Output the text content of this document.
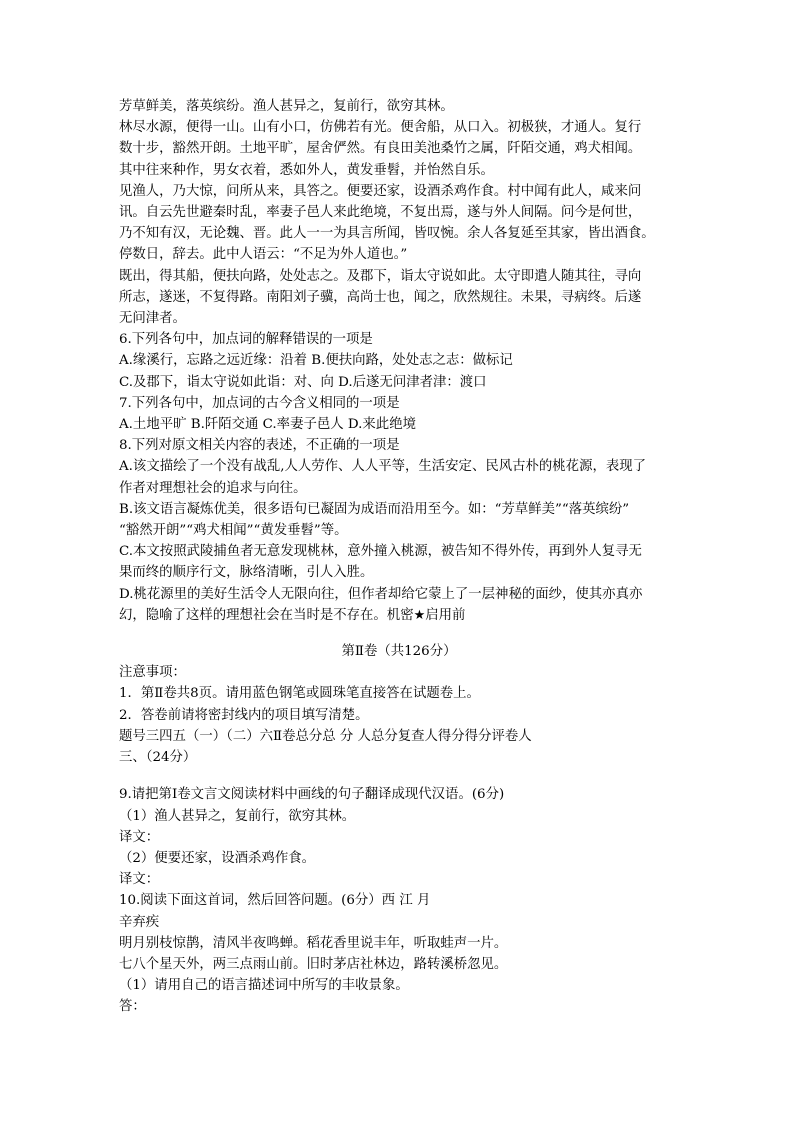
芳草鲜美，落英缤纷。渔人甚异之，复前行，欲穷其林。

林尽水源，便得一山。山有小口，仿佛若有光。便舍船，从口入。初极狭，才通人。复行

数十步，豁然开朗。土地平旷，屋舍俨然。有良田美池桑竹之属，阡陌交通，鸡犬相闻。

其中往来种作，男女衣着，悉如外人，黄发垂髫，并怡然自乐。

见渔人，乃大惊，问所从来，具答之。便要还家，设酒杀鸡作食。村中闻有此人，咸来问

讯。自云先世避秦时乱，率妻子邑人来此绝境，不复出焉，遂与外人间隔。问今是何世，

乃不知有汉，无论魏、晋。此人一一为具言所闻，皆叹惋。余人各复延至其家，皆出酒食。

停数日，辞去。此中人语云：“不足为外人道也。”

既出，得其船，便扶向路，处处志之。及郡下，诣太守说如此。太守即遣人随其往，寻向

所志，遂迷，不复得路。南阳刘子骥，高尚士也，闻之，欣然规往。未果，寻病终。后遂

无问津者。

6.下列各句中，加点词的解释错误的一项是

A.缘溪行，忘路之远近缘：沿着 B.便扶向路，处处志之志：做标记

C.及郡下，诣太守说如此诣：对、向 D.后遂无问津者津：渡口

7.下列各句中，加点词的古今含义相同的一项是

A.土地平旷 B.阡陌交通 C.率妻子邑人 D.来此绝境

8.下列对原文相关内容的表述，不正确的一项是

A.该文描绘了一个没有战乱,人人劳作、人人平等，生活安定、民风古朴的桃花源，表现了

作者对理想社会的追求与向往。

B.该文语言凝炼优美，很多语句已凝固为成语而沿用至今。如：“芳草鲜美”“落英缤纷”

“豁然开朗”“鸡犬相闻”“黄发垂髫”等。

C.本文按照武陵捕鱼者无意发现桃林，意外撞入桃源，被告知不得外传，再到外人复寻无

果而终的顺序行文，脉络清晰，引人入胜。

D.桃花源里的美好生活令人无限向往，但作者却给它蒙上了一层神秘的面纱，使其亦真亦

幻，隐喻了这样的理想社会在当时是不存在。机密★启用前

第Ⅱ卷（共126分）

注意事项：

1．第Ⅱ卷共8页。请用蓝色钢笔或圆珠笔直接答在试题卷上。

2．答卷前请将密封线内的项目填写清楚。

题号三四五（一）（二）六Ⅱ卷总分总 分 人总分复查人得分得分评卷人

三、（24分）

9.请把第Ⅰ卷文言文阅读材料中画线的句子翻译成现代汉语。(6分)

（1）渔人甚异之，复前行，欲穷其林。

译文：

（2）便要还家，设酒杀鸡作食。

译文：

10.阅读下面这首词，然后回答问题。(6分）西 江 月

辛弃疾

明月别枝惊鹊，清风半夜鸣蝉。稻花香里说丰年，听取蛙声一片。

七八个星天外，两三点雨山前。旧时茅店社林边，路转溪桥忽见。

（1）请用自己的语言描述词中所写的丰收景象。

答：
